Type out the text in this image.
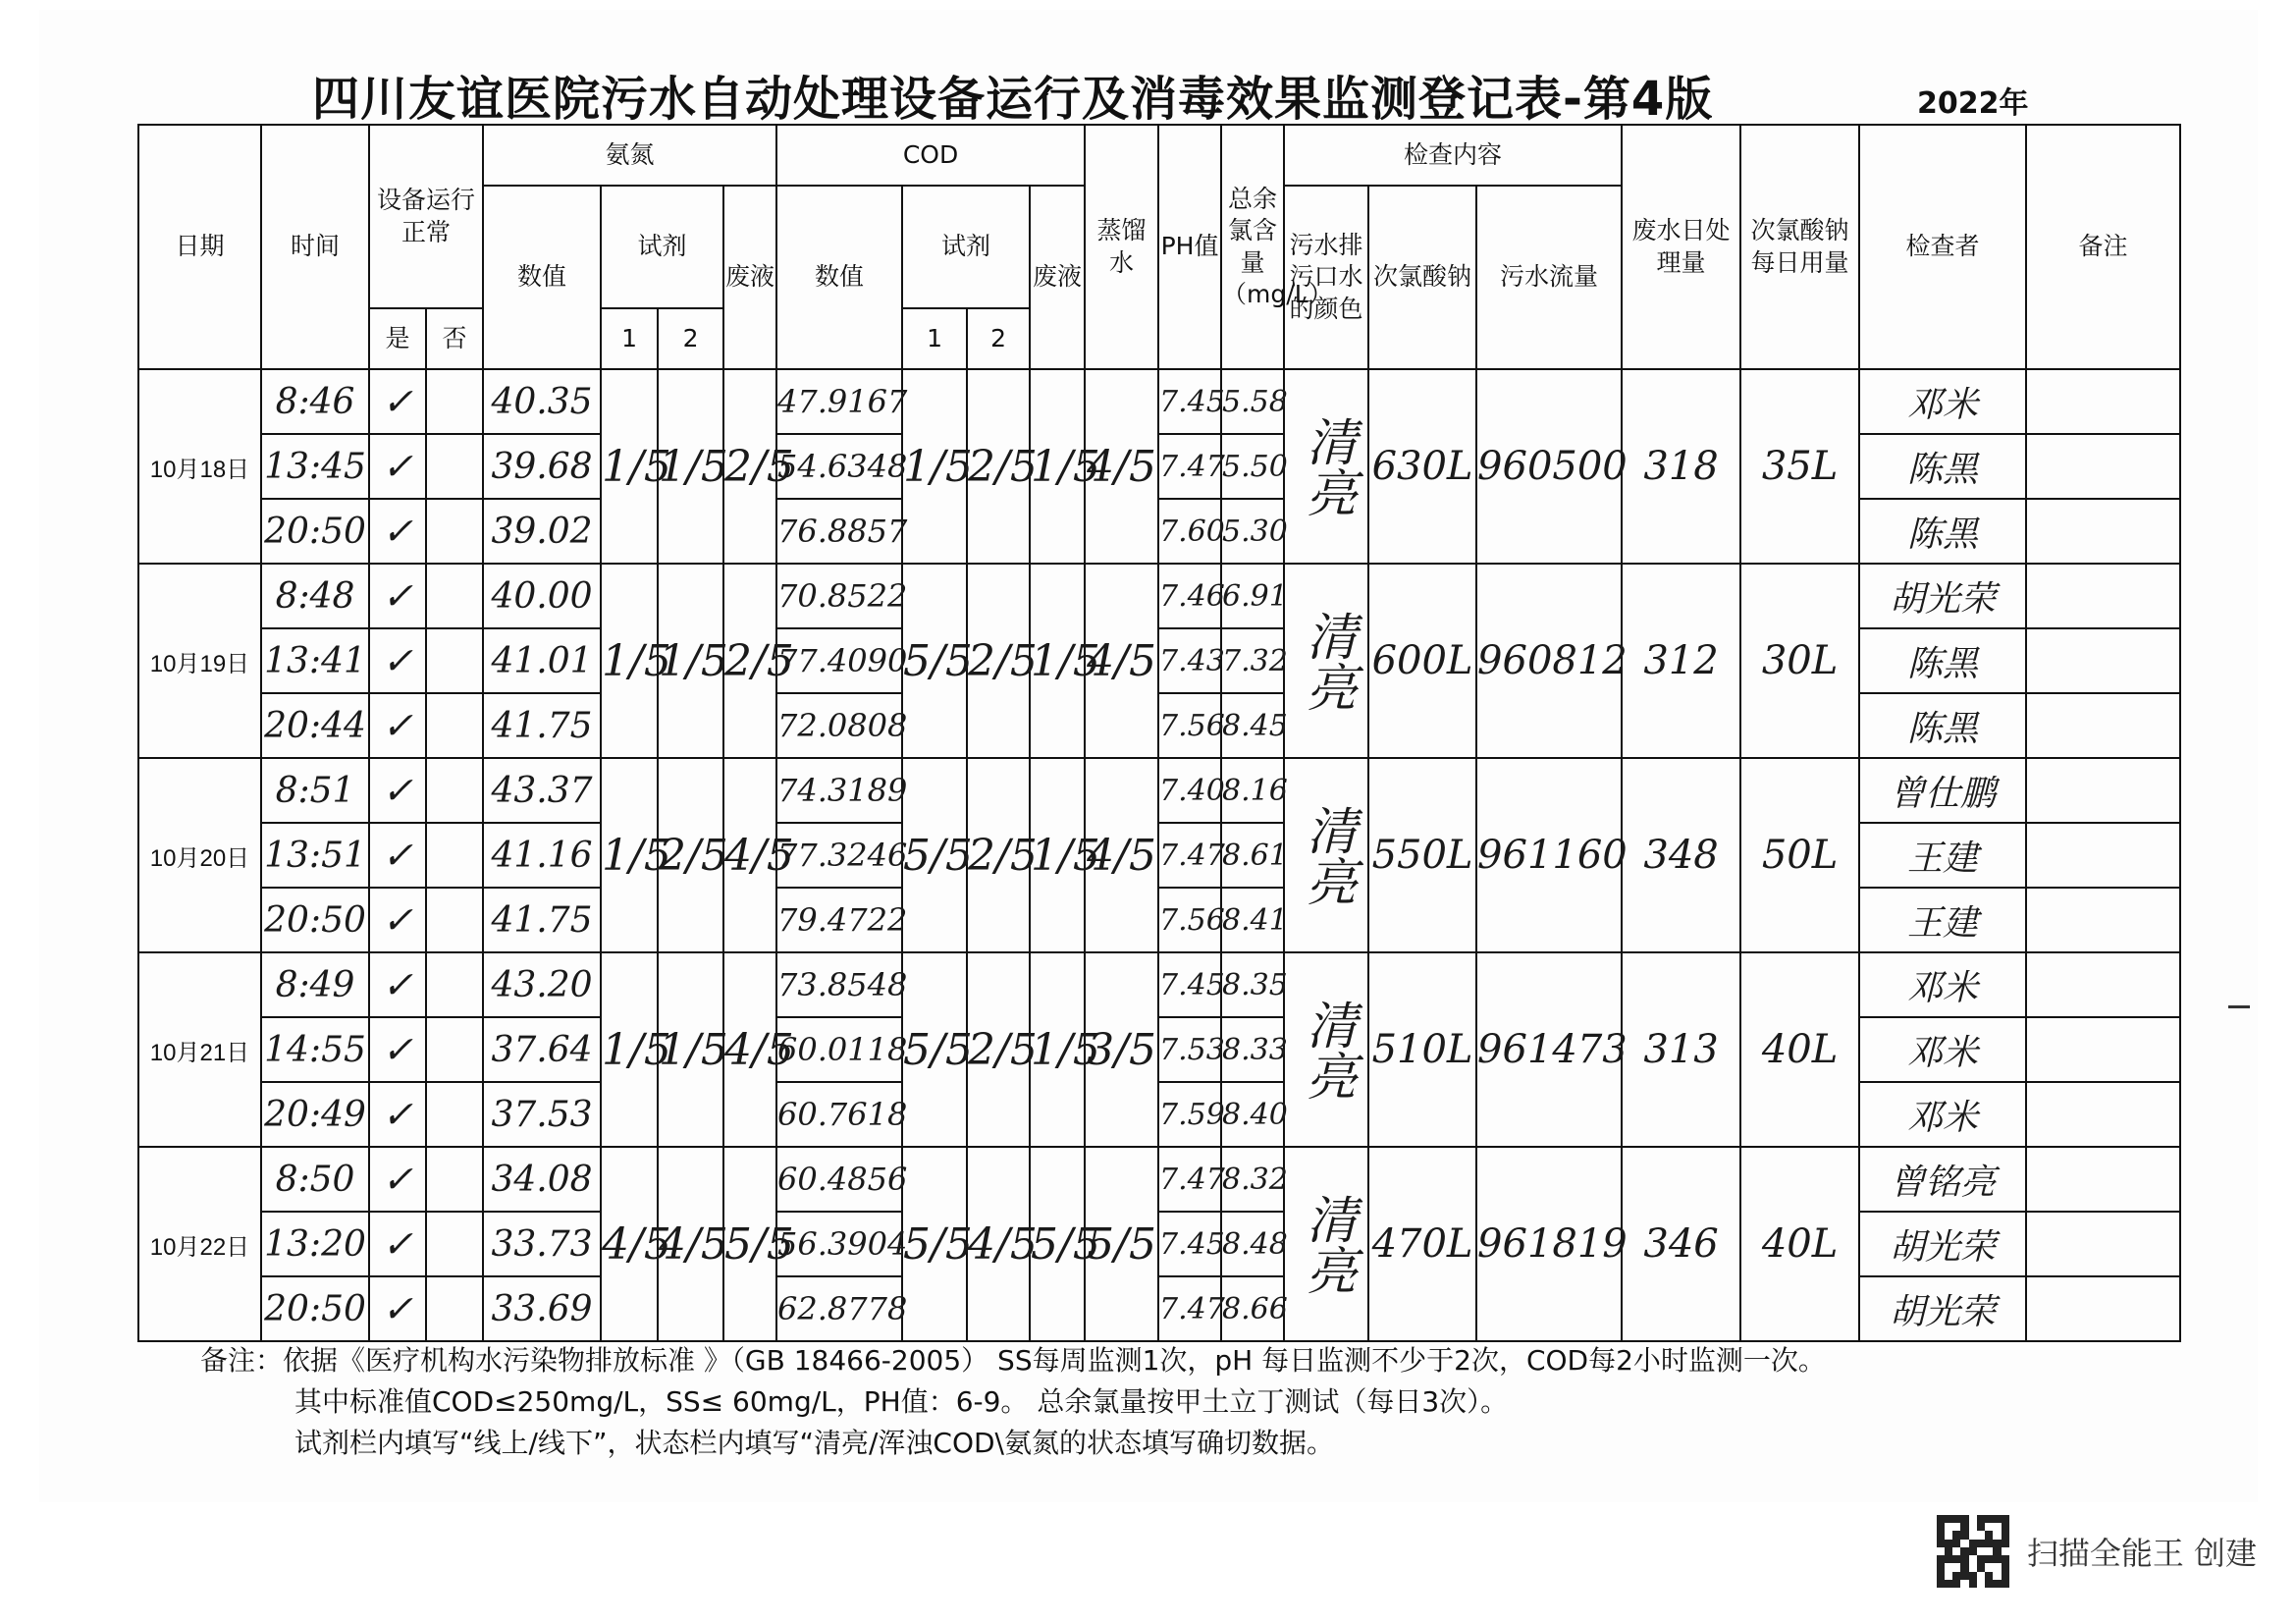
四川友谊医院污水自动处理设备运行及消毒效果监测登记表-第4版	2022年
日期	时间	设备运行正常		氨氮				COD				蒸馏水	PH值	总余氯含量（mg/L）	检查内容			废水日处理量	次氯酸钠每日用量	检查者	备注
				数值	试剂		废液	数值	试剂		废液				污水排污口水的颜色	次氯酸钠	污水流量				
		是	否		1	2			1	2											
10月18日	8:46	✓		40.35	1/5	1/5	2/5	47.9167	1/5	2/5	1/5	4/5	7.45	5.58	清亮	630L	960500	318	35L	邓米	
	13:45	✓		39.68				54.6348					7.47	5.50						陈黑	
	20:50	✓		39.02				76.8857					7.60	5.30						陈黑	
10月19日	8:48	✓		40.00	1/5	1/5	2/5	70.8522	5/5	2/5	1/5	4/5	7.46	6.91	清亮	600L	960812	312	30L	胡光荣	
	13:41	✓		41.01				77.4090					7.43	7.32						陈黑	
	20:44	✓		41.75				72.0808					7.56	8.45						陈黑	
10月20日	8:51	✓		43.37	1/5	2/5	4/5	74.3189	5/5	2/5	1/5	4/5	7.40	8.16	清亮	550L	961160	348	50L	曾仕鹏	
	13:51	✓		41.16				77.3246					7.47	8.61						王建	
	20:50	✓		41.75				79.4722					7.56	8.41						王建	
10月21日	8:49	✓		43.20	1/5	1/5	4/5	73.8548	5/5	2/5	1/5	3/5	7.45	8.35	清亮	510L	961473	313	40L	邓米	
	14:55	✓		37.64				60.0118					7.53	8.33						邓米	
	20:49	✓		37.53				60.7618					7.59	8.40						邓米	
10月22日	8:50	✓		34.08	4/5	4/5	5/5	60.4856	5/5	4/5	5/5	5/5	7.47	8.32	清亮	470L	961819	346	40L	曾铭亮	
	13:20	✓		33.73				56.3904					7.45	8.48						胡光荣	
	20:50	✓		33.69				62.8778					7.47	8.66						胡光荣	
备注：依据《医疗机构水污染物排放标准 》（GB 18466-2005） SS每周监测1次，pH 每日监测不少于2次，COD每2小时监测一次。
其中标准值COD≤250mg/L，SS≤ 60mg/L，PH值：6-9。 总余氯量按甲土立丁测试（每日3次）。
试剂栏内填写“线上/线下”，状态栏内填写“清亮/浑浊COD\氨氮的状态填写确切数据。
扫描全能王 创建
